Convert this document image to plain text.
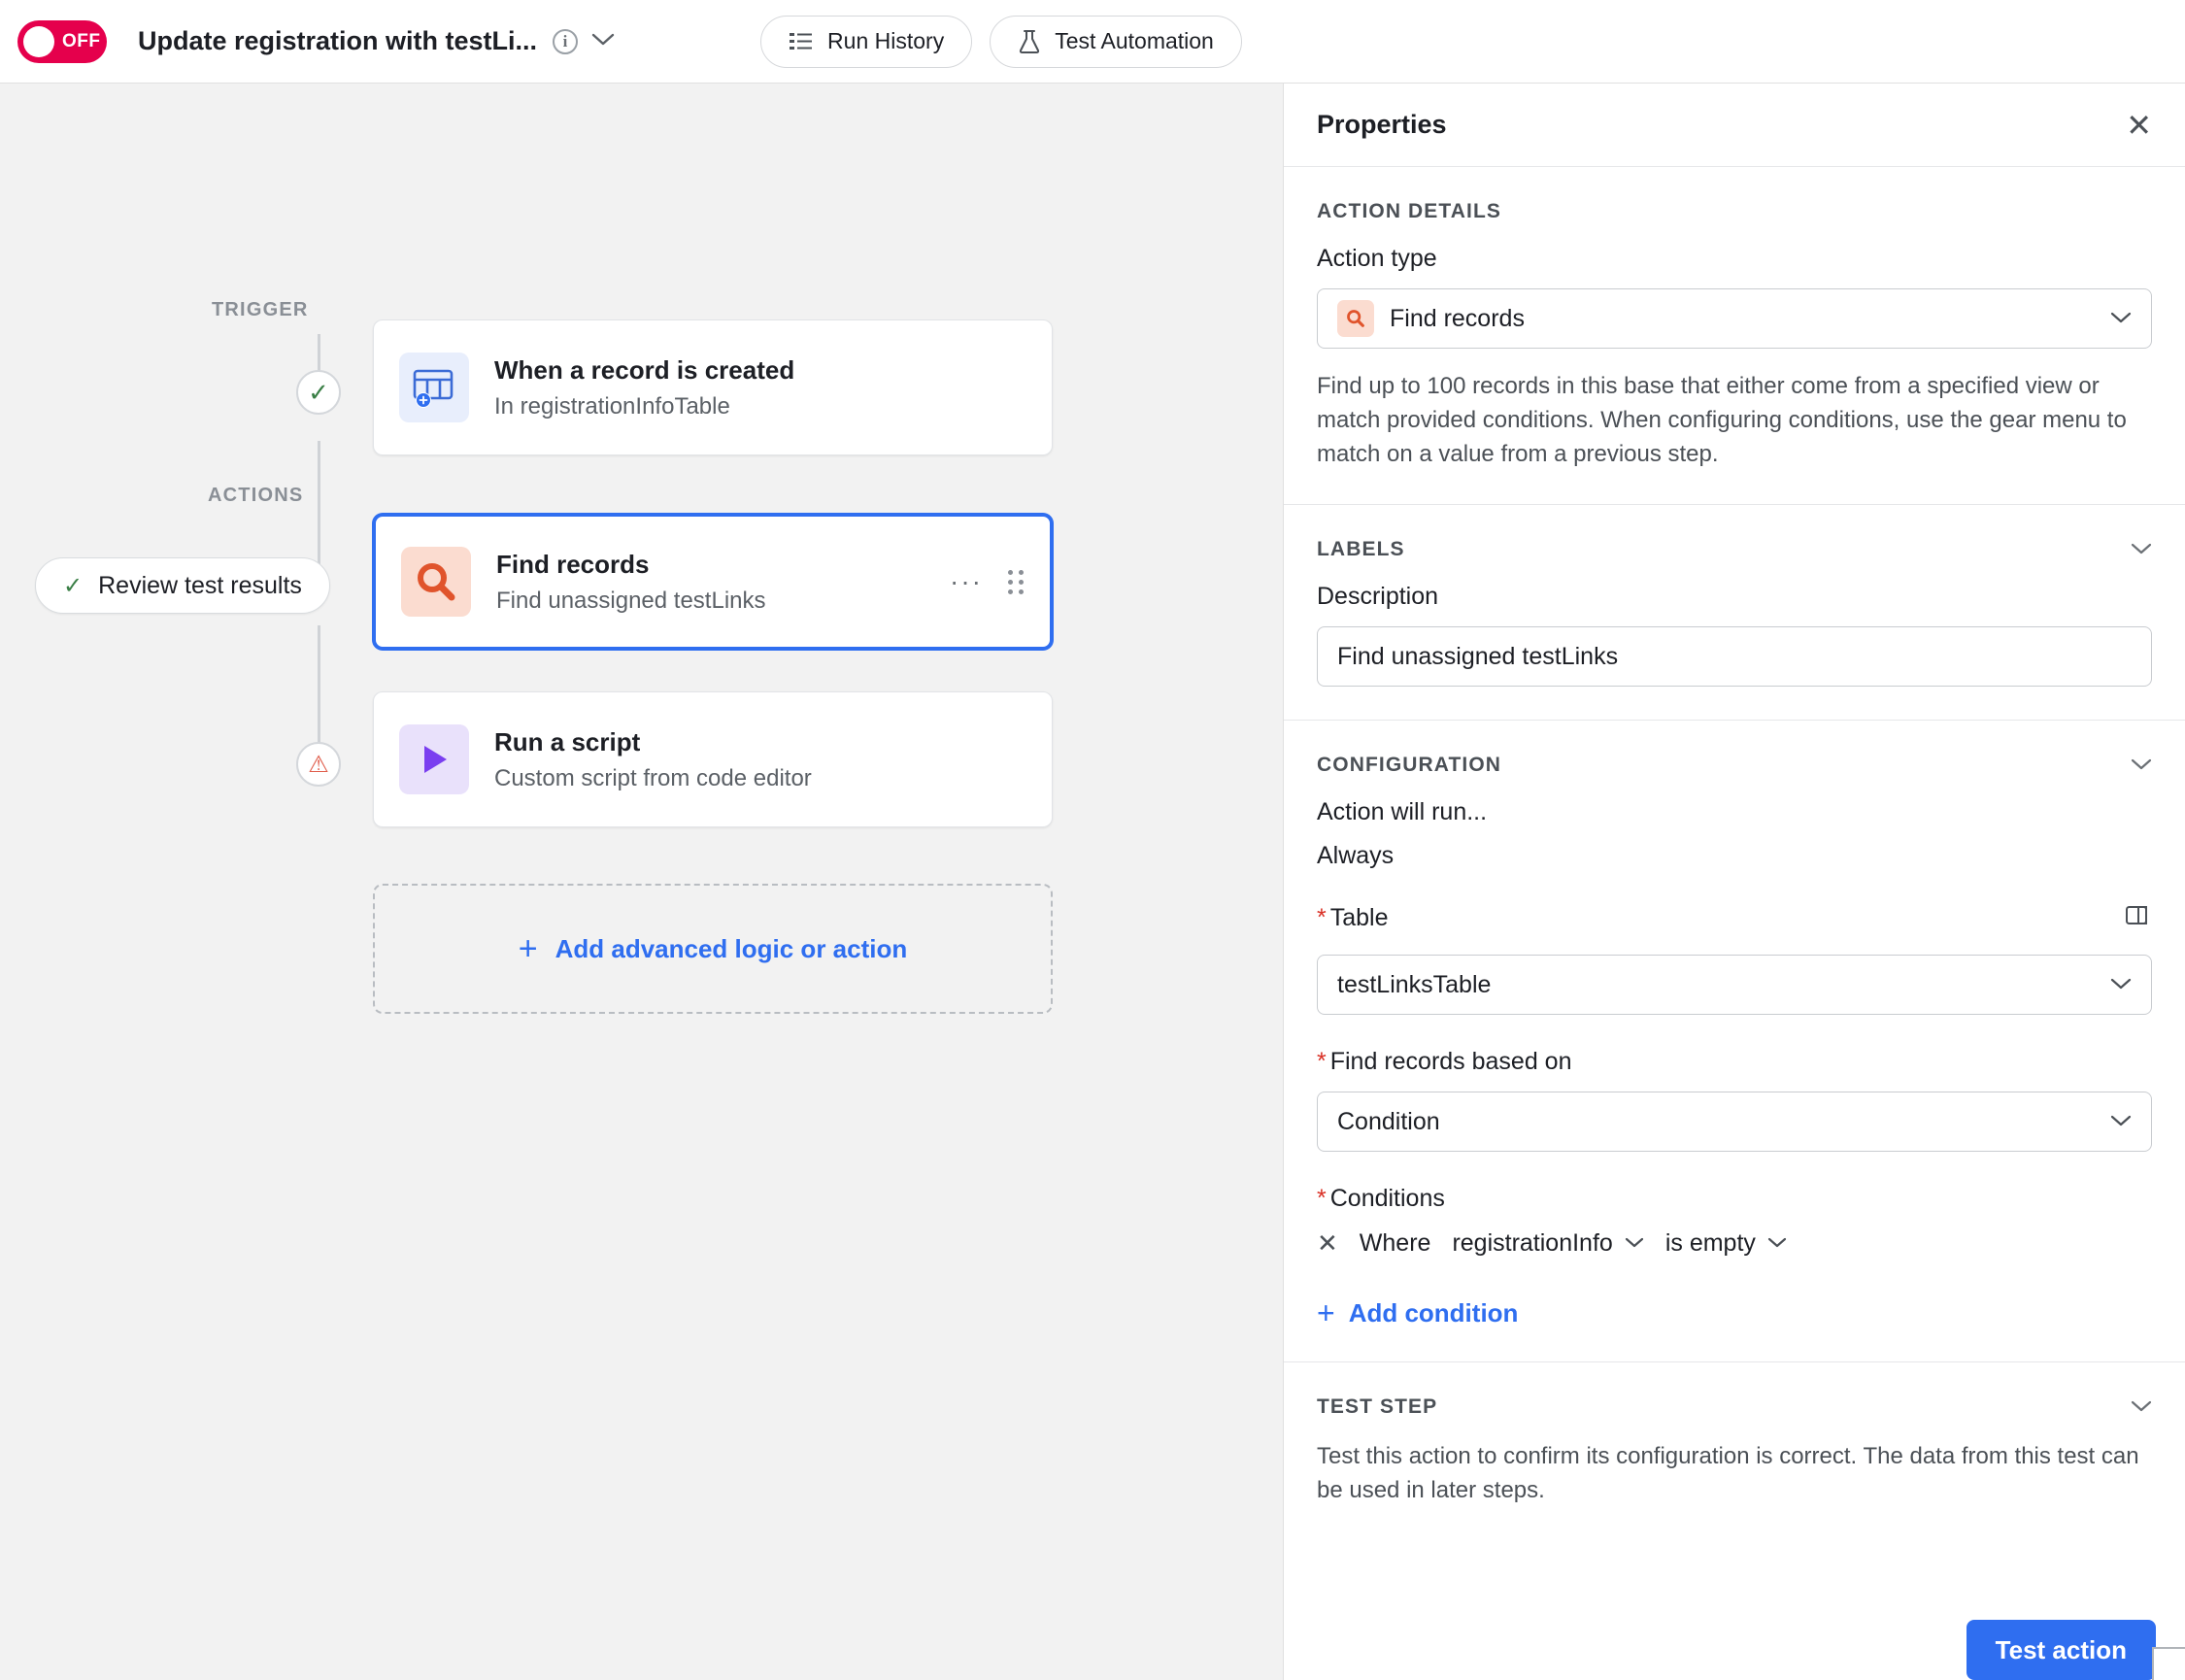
OFF Update registration with testLi...	i	Run History	Test Automation
TRIGGER
ACTIONS
✓
⚠
When a record is created
In registrationInfoTable
✓ Review test results
Find records
Find unassigned testLinks
···
Run a script
Custom script from code editor
+ Add advanced logic or action
Properties	✕
ACTION DETAILS
Action type
Find records
Find up to 100 records in this base that either come from a specified view or match provided conditions. When configuring conditions, use the gear menu to match on a value from a previous step.
LABELS
Description
Find unassigned testLinks
CONFIGURATION
Action will run...
Always
* Table
testLinksTable
* Find records based on
Condition
* Conditions
✕ Where registrationInfo is empty
+ Add condition
TEST STEP
Test this action to confirm its configuration is correct. The data from this test can be used in later steps.
Test action
